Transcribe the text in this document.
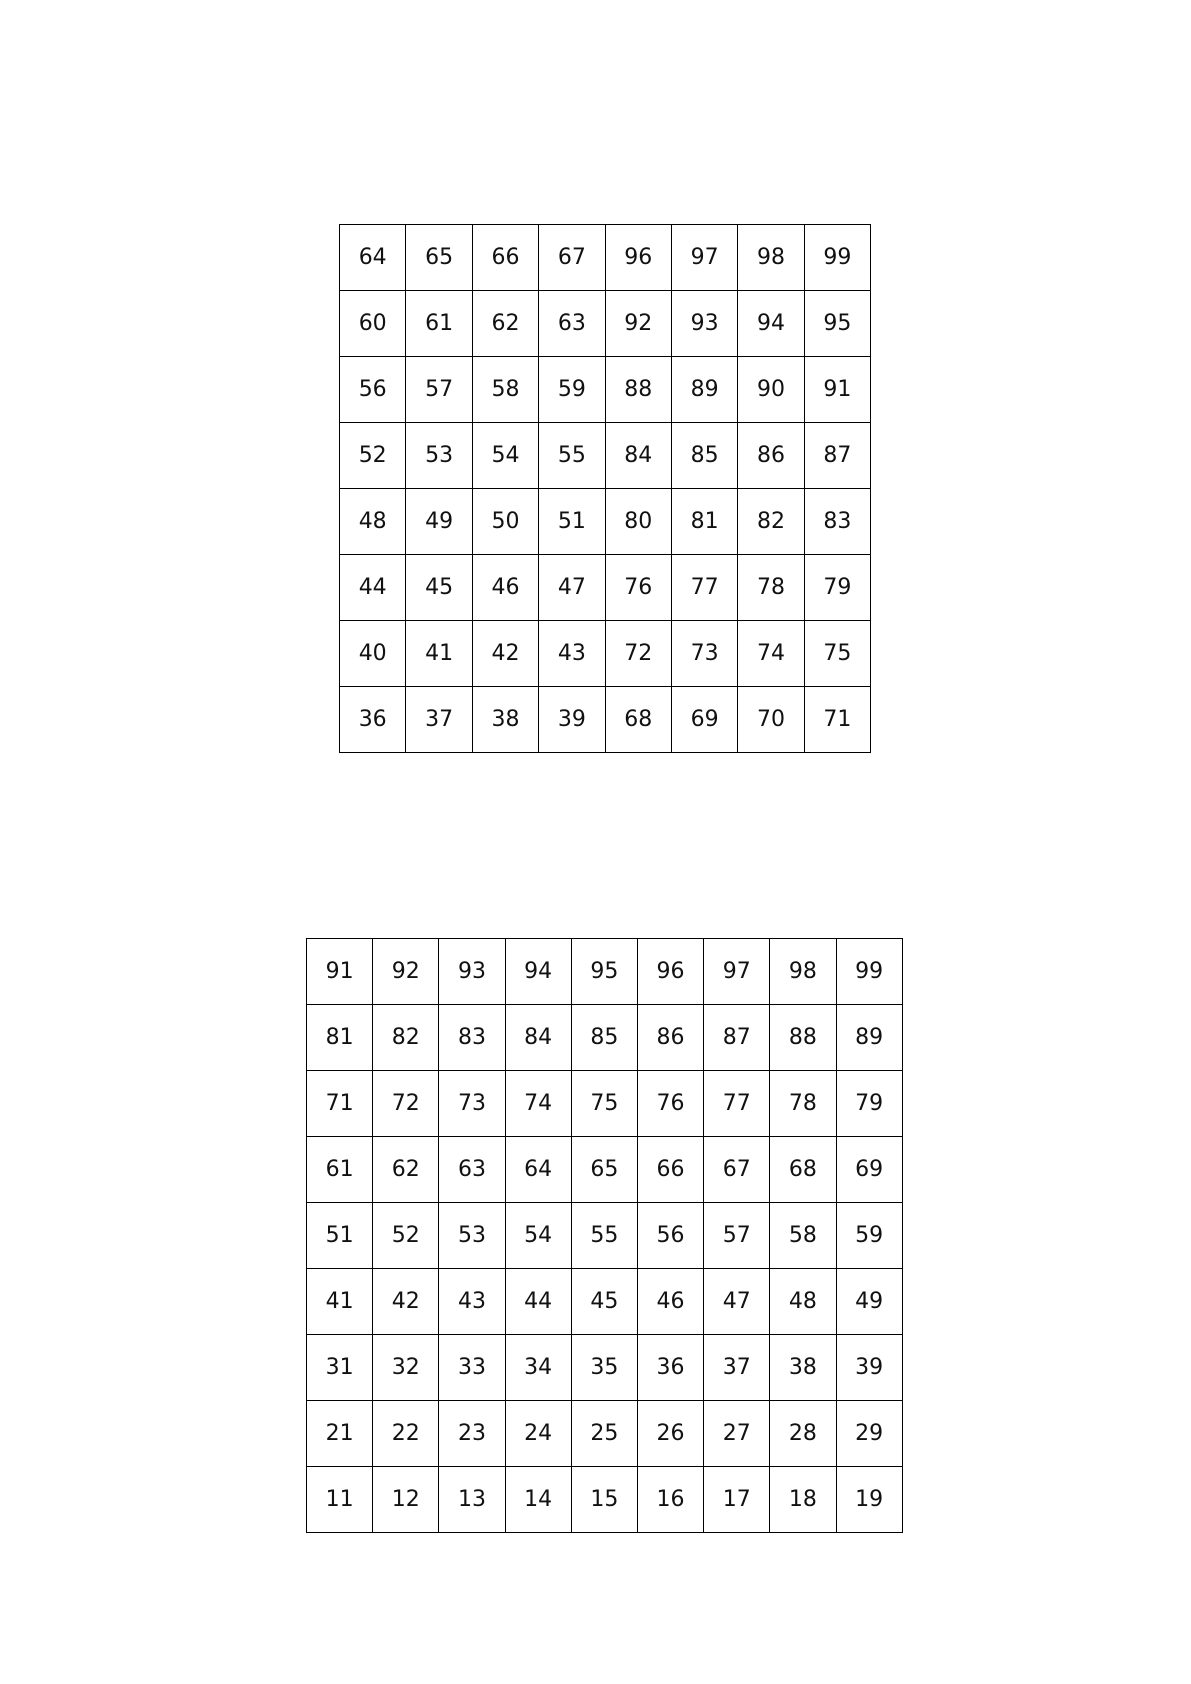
64	65	66	67	96	97	98	99
60	61	62	63	92	93	94	95
56	57	58	59	88	89	90	91
52	53	54	55	84	85	86	87
48	49	50	51	80	81	82	83
44	45	46	47	76	77	78	79
40	41	42	43	72	73	74	75
36	37	38	39	68	69	70	71
91	92	93	94	95	96	97	98	99
81	82	83	84	85	86	87	88	89
71	72	73	74	75	76	77	78	79
61	62	63	64	65	66	67	68	69
51	52	53	54	55	56	57	58	59
41	42	43	44	45	46	47	48	49
31	32	33	34	35	36	37	38	39
21	22	23	24	25	26	27	28	29
11	12	13	14	15	16	17	18	19
